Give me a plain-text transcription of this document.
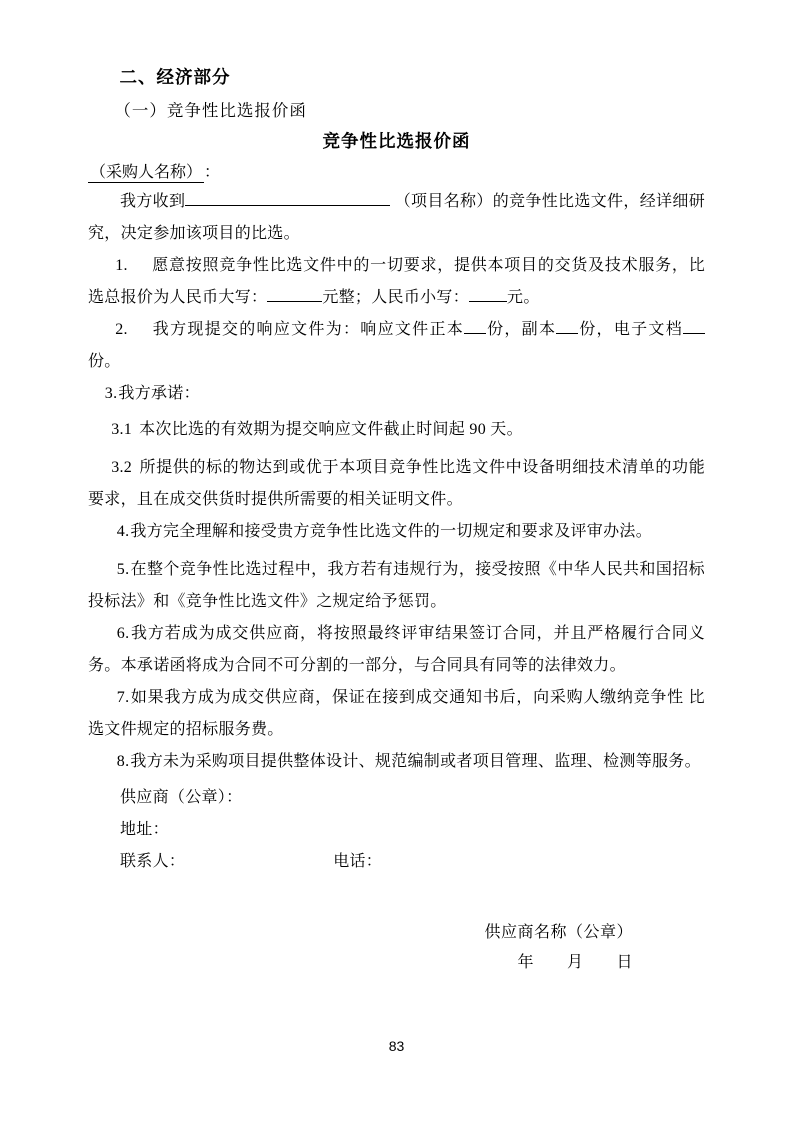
二、经济部分
（一）竞争性比选报价函
竞争性比选报价函
（采购人名称） ：

我方收到	（项目名称）的竞争性比选文件，经详细研究，决定参加该项目的比选。

1. 愿意按照竞争性比选文件中的一切要求，提供本项目的交货及技术服务，比选总报价为人民币大写：	元整；人民币小写： 元。

2. 我方现提交的响应文件为：响应文件正本 份，副本 份，电子文档份。

3.我方承诺：

3.1 本次比选的有效期为提交响应文件截止时间起 90 天。

3.2 所提供的标的物达到或优于本项目竞争性比选文件中设备明细技术清单的功能要求，且在成交供货时提供所需要的相关证明文件。

4.我方完全理解和接受贵方竞争性比选文件的一切规定和要求及评审办法。

5.在整个竞争性比选过程中，我方若有违规行为，接受按照《中华人民共和国招标投标法》和《竞争性比选文件》之规定给予惩罚。

6.我方若成为成交供应商，将按照最终评审结果签订合同，并且严格履行合同义务。本承诺函将成为合同不可分割的一部分，与合同具有同等的法律效力。

7.如果我方成为成交供应商，保证在接到成交通知书后，向采购人缴纳竞争性 比选文件规定的招标服务费。

8.我方未为采购项目提供整体设计、规范编制或者项目管理、监理、检测等服务。

供应商（公章）：

地址：

联系人：	电话：

供应商名称（公章）

年　　月　　日

83
